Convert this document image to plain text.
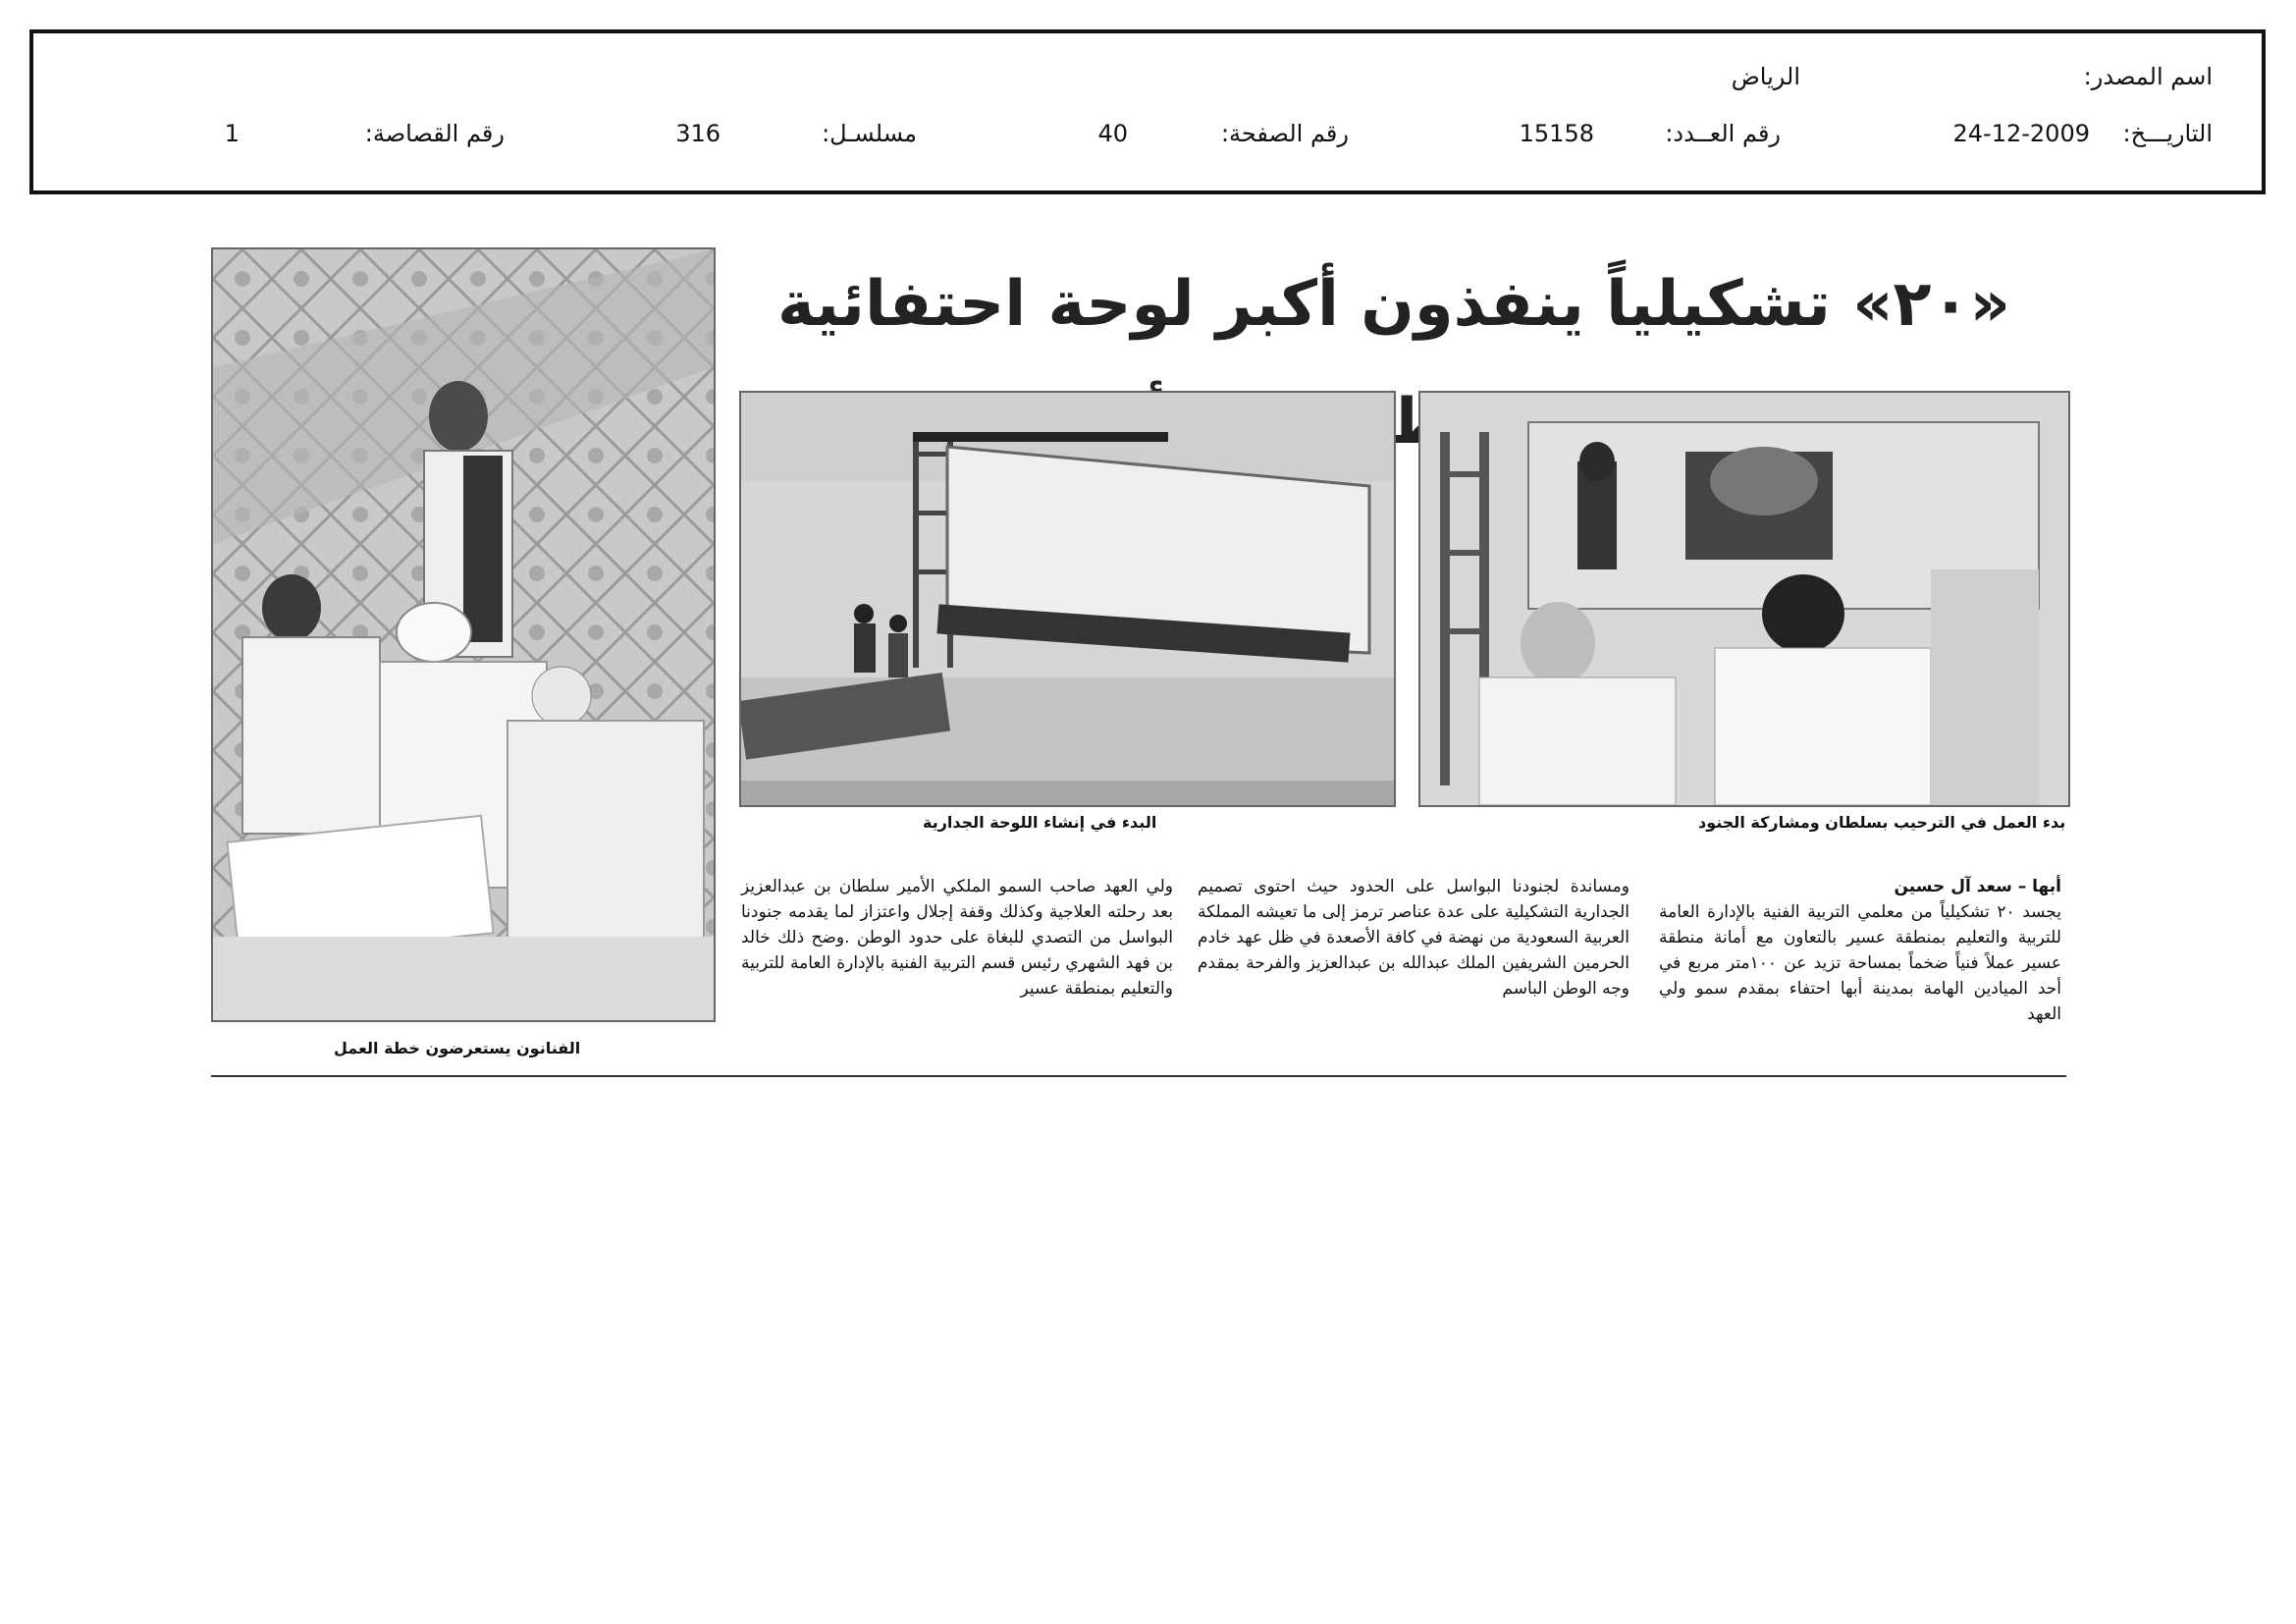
اسم المصدر:
الرياض
التاريـــخ:
24-12-2009
رقم العــدد:
15158
رقم الصفحة:
40
مسلسـل:
316
رقم القصاصة:
1
«٢٠» تشكيلياً ينفذون أكبر لوحة احتفائية
الفنانون يستعرضون خطة العمل
البدء في إنشاء اللوحة الجدارية	بدء العمل في الترحيب بسلطان ومشاركة الجنود
أبها – سعد آل حسين
يجسد ٢٠ تشكيلياً من معلمي التربية الفنية بالإدارة العامة للتربية والتعليم بمنطقة عسير بالتعاون مع أمانة منطقة عسير عملاً فنياً ضخماً بمساحة تزيد عن ١٠٠متر مربع في أحد الميادين الهامة بمدينة أبها احتفاء بمقدم سمو ولي العهد
ومساندة لجنودنا البواسل على الحدود حيث احتوى تصميم الجدارية التشكيلية على عدة عناصر ترمز إلى ما تعيشه المملكة العربية السعودية من نهضة في كافة الأصعدة في ظل عهد خادم الحرمين الشريفين الملك عبدالله بن عبدالعزيز والفرحة بمقدم وجه الوطن الباسم
ولي العهد صاحب السمو الملكي الأمير سلطان بن عبدالعزيز بعد رحلته العلاجية وكذلك وقفة إجلال واعتزاز لما يقدمه جنودنا البواسل من التصدي للبغاة على حدود الوطن .وضح ذلك خالد بن فهد الشهري رئيس قسم التربية الفنية بالإدارة العامة للتربية والتعليم بمنطقة عسير
